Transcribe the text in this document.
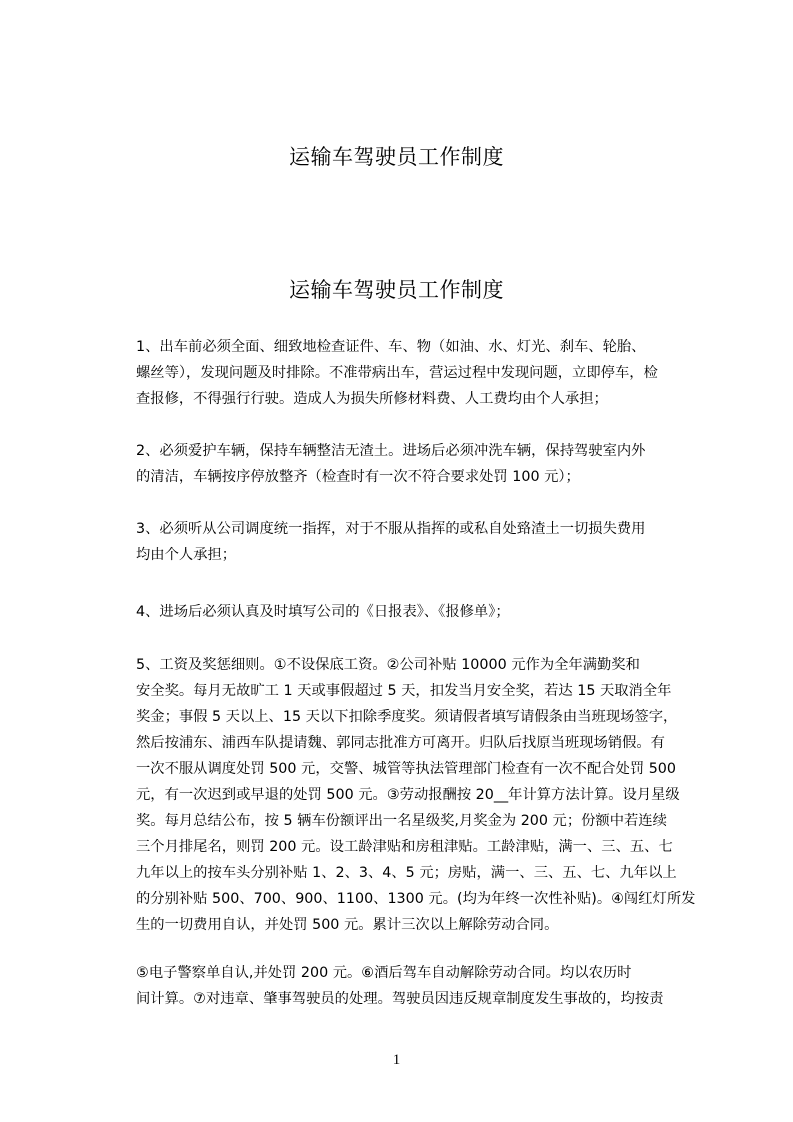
运输车驾驶员工作制度
运输车驾驶员工作制度
1、出车前必须全面、细致地检查证件、车、物（如油、水、灯光、刹车、轮胎、
螺丝等），发现问题及时排除。不准带病出车，营运过程中发现问题，立即停车，检
查报修，不得强行行驶。造成人为损失所修材料费、人工费均由个人承担；
2、必须爱护车辆，保持车辆整洁无渣土。进场后必须冲洗车辆，保持驾驶室内外
的清洁，车辆按序停放整齐（检查时有一次不符合要求处罚 100 元）；
3、必须听从公司调度统一指挥，对于不服从指挥的或私自处臵渣土一切损失费用
均由个人承担；
4、进场后必须认真及时填写公司的《日报表》、《报修单》；
5、工资及奖惩细则。①不设保底工资。②公司补贴 10000 元作为全年满勤奖和
安全奖。每月无故旷工 1 天或事假超过 5 天，扣发当月安全奖，若达 15 天取消全年
奖金；事假 5 天以上、15 天以下扣除季度奖。须请假者填写请假条由当班现场签字，
然后按浦东、浦西车队提请魏、郭同志批准方可离开。归队后找原当班现场销假。有
一次不服从调度处罚 500 元，交警、城管等执法管理部门检查有一次不配合处罚 500
元，有一次迟到或早退的处罚 500 元。③劳动报酬按 20__年计算方法计算。设月星级
奖。每月总结公布，按 5 辆车份额评出一名星级奖,月奖金为 200 元；份额中若连续
三个月排尾名，则罚 200 元。设工龄津贴和房租津贴。工龄津贴，满一、三、五、七
九年以上的按车头分别补贴 1、2、3、4、5 元；房贴，满一、三、五、七、九年以上
的分别补贴 500、700、900、1100、1300 元。(均为年终一次性补贴)。④闯红灯所发
生的一切费用自认，并处罚 500 元。累计三次以上解除劳动合同。
⑤电子警察单自认,并处罚 200 元。⑥酒后驾车自动解除劳动合同。均以农历时
间计算。⑦对违章、肇事驾驶员的处理。驾驶员因违反规章制度发生事故的，均按责
1
